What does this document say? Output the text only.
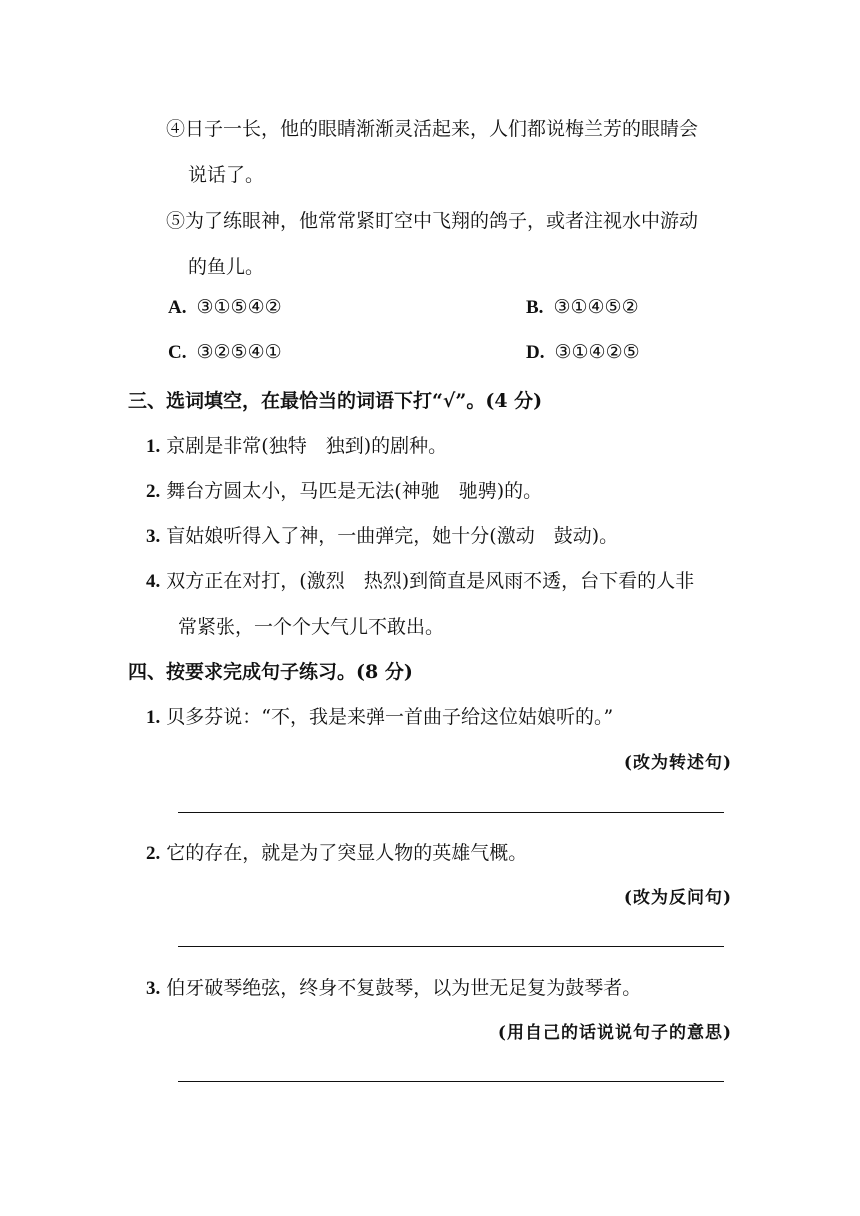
④日子一长，他的眼睛渐渐灵活起来，人们都说梅兰芳的眼睛会
说话了。
⑤为了练眼神，他常常紧盯空中飞翔的鸽子，或者注视水中游动
的鱼儿。
A. ③①⑤④②	B. ③①④⑤②
C. ③②⑤④①	D. ③①④②⑤
三、选词填空，在最恰当的词语下打“√”。(4 分)
1. 京剧是非常(独特　独到)的剧种。
2. 舞台方圆太小，马匹是无法(神驰　驰骋)的。
3. 盲姑娘听得入了神，一曲弹完，她十分(激动　鼓动)。
4. 双方正在对打，(激烈　热烈)到简直是风雨不透，台下看的人非
常紧张，一个个大气儿不敢出。
四、按要求完成句子练习。(8 分)
1. 贝多芬说：“不，我是来弹一首曲子给这位姑娘听的。”
(改为转述句)
2. 它的存在，就是为了突显人物的英雄气概。
(改为反问句)
3. 伯牙破琴绝弦，终身不复鼓琴，以为世无足复为鼓琴者。
(用自己的话说说句子的意思)
